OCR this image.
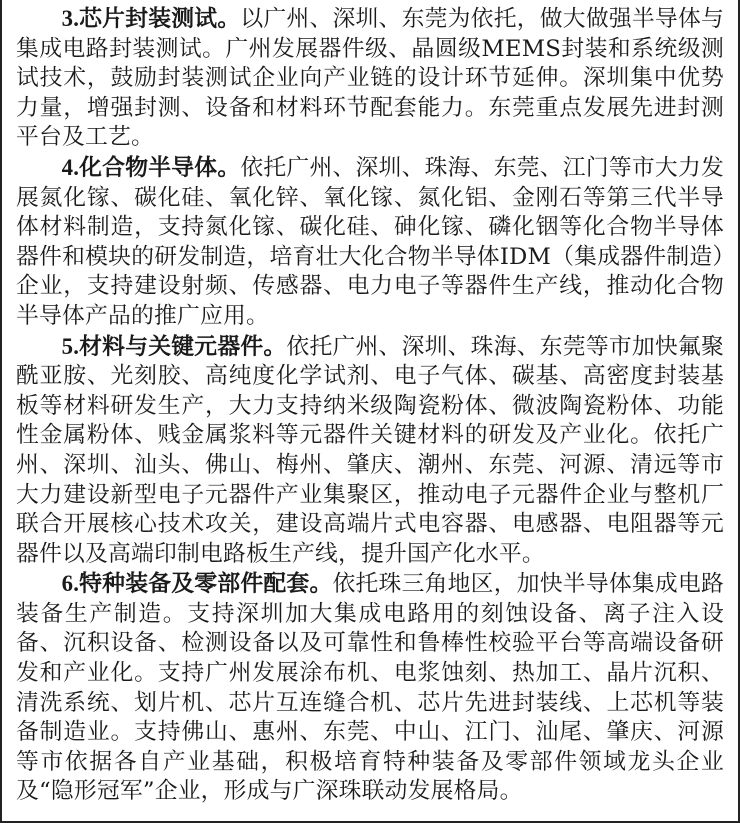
3.芯片封装测试。以广州、深圳、东莞为依托，做大做强半导体与集成电路封装测试。广州发展器件级、晶圆级MEMS封装和系统级测试技术，鼓励封装测试企业向产业链的设计环节延伸。深圳集中优势力量，增强封测、设备和材料环节配套能力。东莞重点发展先进封测平台及工艺。

4.化合物半导体。依托广州、深圳、珠海、东莞、江门等市大力发展氮化镓、碳化硅、氧化锌、氧化镓、氮化铝、金刚石等第三代半导体材料制造，支持氮化镓、碳化硅、砷化镓、磷化铟等化合物半导体器件和模块的研发制造，培育壮大化合物半导体IDM（集成器件制造）企业，支持建设射频、传感器、电力电子等器件生产线，推动化合物半导体产品的推广应用。

5.材料与关键元器件。依托广州、深圳、珠海、东莞等市加快氟聚酰亚胺、光刻胶、高纯度化学试剂、电子气体、碳基、高密度封装基板等材料研发生产，大力支持纳米级陶瓷粉体、微波陶瓷粉体、功能性金属粉体、贱金属浆料等元器件关键材料的研发及产业化。依托广州、深圳、汕头、佛山、梅州、肇庆、潮州、东莞、河源、清远等市大力建设新型电子元器件产业集聚区，推动电子元器件企业与整机厂联合开展核心技术攻关，建设高端片式电容器、电感器、电阻器等元器件以及高端印制电路板生产线，提升国产化水平。

6.特种装备及零部件配套。依托珠三角地区，加快半导体集成电路装备生产制造。支持深圳加大集成电路用的刻蚀设备、离子注入设备、沉积设备、检测设备以及可靠性和鲁棒性校验平台等高端设备研发和产业化。支持广州发展涂布机、电浆蚀刻、热加工、晶片沉积、清洗系统、划片机、芯片互连缝合机、芯片先进封装线、上芯机等装备制造业。支持佛山、惠州、东莞、中山、江门、汕尾、肇庆、河源等市依据各自产业基础，积极培育特种装备及零部件领域龙头企业及“隐形冠军”企业，形成与广深珠联动发展格局。
